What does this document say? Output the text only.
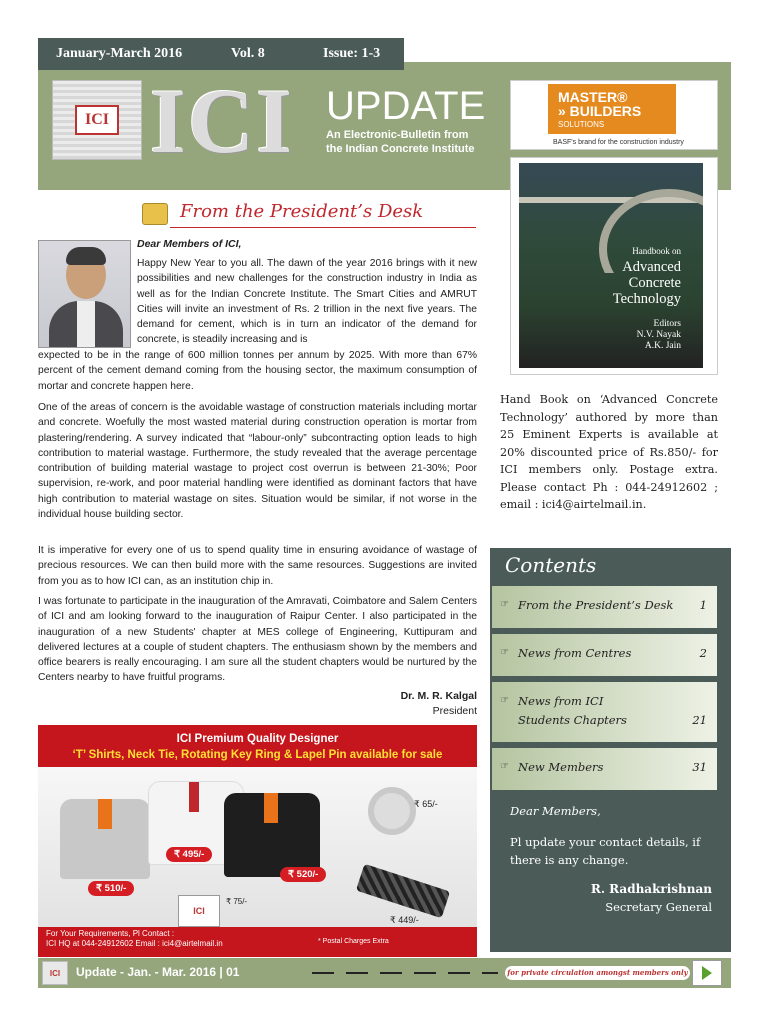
January-March 2016	Vol. 8	Issue: 1-3
ICI ICI UPDATE
An Electronic-Bulletin from
the Indian Concrete Institute
MASTER®
» BUILDERS
SOLUTIONS
BASF's brand for the construction industry
From the President’s Desk
Dear Members of ICI,
Happy New Year to you all. The dawn of the year 2016 brings with it new possibilities and new challenges for the construction industry in India as well as for the Indian Concrete Institute. The Smart Cities and AMRUT Cities will invite an investment of Rs. 2 trillion in the next five years. The demand for cement, which is in turn an indicator of the demand for concrete, is steadily increasing and is
expected to be in the range of 600 million tonnes per annum by 2025. With more than 67% percent of the cement demand coming from the housing sector, the maximum consumption of mortar and concrete happen here.
One of the areas of concern is the avoidable wastage of construction materials including mortar and concrete. Woefully the most wasted material during construction operation is mortar from plastering/rendering. A survey indicated that “labour-only” subcontracting option leads to high contribution to material wastage. Furthermore, the study revealed that the average percentage contribution of building material wastage to project cost overrun is between 21-30%; Poor supervision, re-work, and poor material handling were identified as dominant factors that have high contribution to material wastage on sites. Situation would be similar, if not worse in the individual house building sector.
It is imperative for every one of us to spend quality time in ensuring avoidance of wastage of precious resources. We can then build more with the same resources. Suggestions are invited from you as to how ICI can, as an institution chip in.
I was fortunate to participate in the inauguration of the Amravati, Coimbatore and Salem Centers of ICI and am looking forward to the inauguration of Raipur Center. I also participated in the inauguration of a new Students' chapter at MES college of Engineering, Kuttipuram and delivered lectures at a couple of student chapters. The enthusiasm shown by the members and office bearers is really encouraging. I am sure all the student chapters would be nurtured by the Centers nearby to have fruitful programs.
Dr. M. R. Kalgal
President
ICI Premium Quality Designer
‘T’ Shirts, Neck Tie, Rotating Key Ring & Lapel Pin available for sale
ICI
₹ 510/-
₹ 495/-
₹ 520/-
₹ 65/-
₹ 75/-
₹ 449/-
For Your Requirements, Pl Contact :
ICI HQ at 044-24912602 Email : ici4@airtelmail.in	* Postal Charges Extra
Handbook on
Advanced
Concrete
Technology
Editors
N.V. Nayak
A.K. Jain
Hand Book on ‘Advanced Concrete Technology’ authored by more than 25 Eminent Experts is available at 20% discounted price of Rs.850/- for ICI members only. Postage extra. Please contact Ph : 044-24912602 ; email : ici4@airtelmail.in.
Contents
☞ From the President’s Desk 1
☞ News from Centres	2
☞ News from ICI
Students Chapters	21
☞ New Members	31
Dear Members,
Pl update your contact details, if there is any change.
R. Radhakrishnan
Secretary General
ICI	Update - Jan. - Mar. 2016 | 01	for private circulation amongst members only
